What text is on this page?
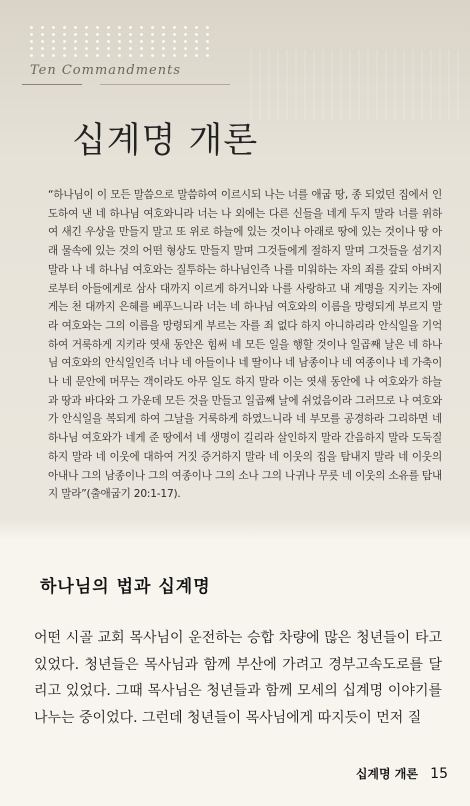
Ten Commandments
십계명 개론

“하나님이 이 모든 말씀으로 말씀하여 이르시되 나는 너를 애굽 땅, 종 되었던 집에서 인도하여 낸 네 하나님 여호와니라 너는 나 외에는 다른 신들을 네게 두지 말라 너를 위하여 새긴 우상을 만들지 말고 또 위로 하늘에 있는 것이나 아래로 땅에 있는 것이나 땅 아래 물속에 있는 것의 어떤 형상도 만들지 말며 그것들에게 절하지 말며 그것들을 섬기지 말라 나 네 하나님 여호와는 질투하는 하나님인즉 나를 미워하는 자의 죄를 갚되 아버지로부터 아들에게로 삼사 대까지 이르게 하거니와 나를 사랑하고 내 계명을 지키는 자에게는 천 대까지 은혜를 베푸느니라 너는 네 하나님 여호와의 이름을 망령되게 부르지 말라 여호와는 그의 이름을 망령되게 부르는 자를 죄 없다 하지 아니하리라 안식일을 기억하여 거룩하게 지키라 엿새 동안은 힘써 네 모든 일을 행할 것이나 일곱째 날은 네 하나님 여호와의 안식일인즉 너나 네 아들이나 네 딸이나 네 남종이나 네 여종이나 네 가축이나 네 문안에 머무는 객이라도 아무 일도 하지 말라 이는 엿새 동안에 나 여호와가 하늘과 땅과 바다와 그 가운데 모든 것을 만들고 일곱째 날에 쉬었음이라 그러므로 나 여호와가 안식일을 복되게 하여 그날을 거룩하게 하였느니라 네 부모를 공경하라 그리하면 네 하나님 여호와가 네게 준 땅에서 네 생명이 길리라 살인하지 말라 간음하지 말라 도둑질하지 말라 네 이웃에 대하여 거짓 증거하지 말라 네 이웃의 집을 탐내지 말라 네 이웃의 아내나 그의 남종이나 그의 여종이나 그의 소나 그의 나귀나 무릇 네 이웃의 소유를 탐내지 말라”(출애굽기 20:1-17).

하나님의 법과 십계명

어떤 시골 교회 목사님이 운전하는 승합 차량에 많은 청년들이 타고 있었다. 청년들은 목사님과 함께 부산에 가려고 경부고속도로를 달리고 있었다. 그때 목사님은 청년들과 함께 모세의 십계명 이야기를 나누는 중이었다. 그런데 청년들이 목사님에게 따지듯이 먼저 질

십계명 개론 15
